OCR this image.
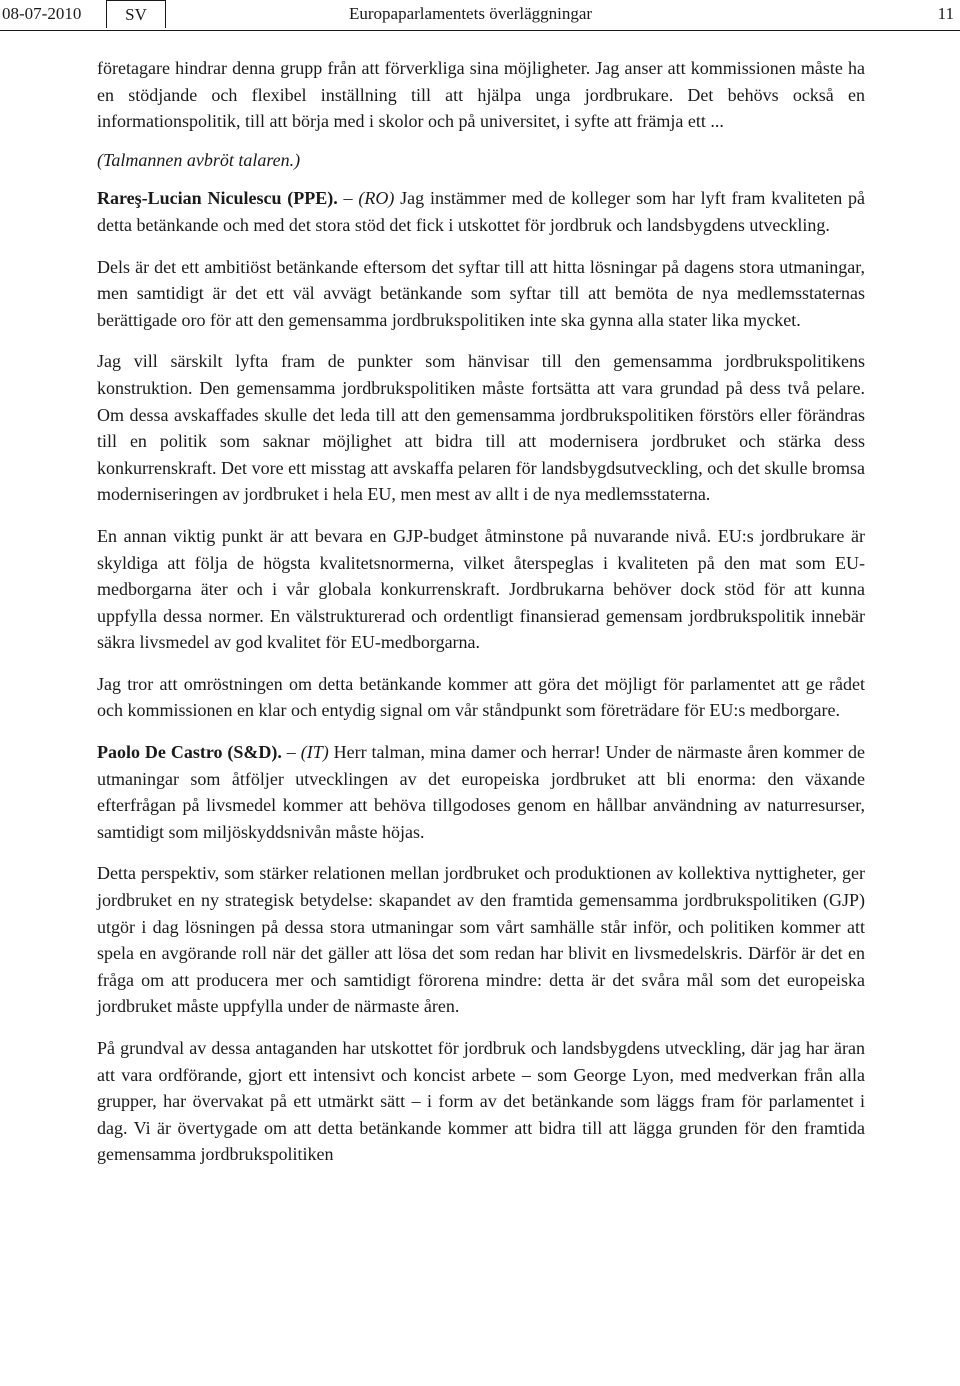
08-07-2010	SV	Europaparlamentets överläggningar	11

företagare hindrar denna grupp från att förverkliga sina möjligheter. Jag anser att kommissionen måste ha en stödjande och flexibel inställning till att hjälpa unga jordbrukare. Det behövs också en informationspolitik, till att börja med i skolor och på universitet, i syfte att främja ett ...

(Talmannen avbröt talaren.)

Rareş-Lucian Niculescu (PPE). – (RO) Jag instämmer med de kolleger som har lyft fram kvaliteten på detta betänkande och med det stora stöd det fick i utskottet för jordbruk och landsbygdens utveckling.

Dels är det ett ambitiöst betänkande eftersom det syftar till att hitta lösningar på dagens stora utmaningar, men samtidigt är det ett väl avvägt betänkande som syftar till att bemöta de nya medlemsstaternas berättigade oro för att den gemensamma jordbrukspolitiken inte ska gynna alla stater lika mycket.

Jag vill särskilt lyfta fram de punkter som hänvisar till den gemensamma jordbrukspolitikens konstruktion. Den gemensamma jordbrukspolitiken måste fortsätta att vara grundad på dess två pelare. Om dessa avskaffades skulle det leda till att den gemensamma jordbrukspolitiken förstörs eller förändras till en politik som saknar möjlighet att bidra till att modernisera jordbruket och stärka dess konkurrenskraft. Det vore ett misstag att avskaffa pelaren för landsbygdsutveckling, och det skulle bromsa moderniseringen av jordbruket i hela EU, men mest av allt i de nya medlemsstaterna.

En annan viktig punkt är att bevara en GJP-budget åtminstone på nuvarande nivå. EU:s jordbrukare är skyldiga att följa de högsta kvalitetsnormerna, vilket återspeglas i kvaliteten på den mat som EU-medborgarna äter och i vår globala konkurrenskraft. Jordbrukarna behöver dock stöd för att kunna uppfylla dessa normer. En välstrukturerad och ordentligt finansierad gemensam jordbrukspolitik innebär säkra livsmedel av god kvalitet för EU-medborgarna.

Jag tror att omröstningen om detta betänkande kommer att göra det möjligt för parlamentet att ge rådet och kommissionen en klar och entydig signal om vår ståndpunkt som företrädare för EU:s medborgare.

Paolo De Castro (S&D). – (IT) Herr talman, mina damer och herrar! Under de närmaste åren kommer de utmaningar som åtföljer utvecklingen av det europeiska jordbruket att bli enorma: den växande efterfrågan på livsmedel kommer att behöva tillgodoses genom en hållbar användning av naturresurser, samtidigt som miljöskyddsnivån måste höjas.

Detta perspektiv, som stärker relationen mellan jordbruket och produktionen av kollektiva nyttigheter, ger jordbruket en ny strategisk betydelse: skapandet av den framtida gemensamma jordbrukspolitiken (GJP) utgör i dag lösningen på dessa stora utmaningar som vårt samhälle står inför, och politiken kommer att spela en avgörande roll när det gäller att lösa det som redan har blivit en livsmedelskris. Därför är det en fråga om att producera mer och samtidigt förorena mindre: detta är det svåra mål som det europeiska jordbruket måste uppfylla under de närmaste åren.

På grundval av dessa antaganden har utskottet för jordbruk och landsbygdens utveckling, där jag har äran att vara ordförande, gjort ett intensivt och koncist arbete – som George Lyon, med medverkan från alla grupper, har övervakat på ett utmärkt sätt – i form av det betänkande som läggs fram för parlamentet i dag. Vi är övertygade om att detta betänkande kommer att bidra till att lägga grunden för den framtida gemensamma jordbrukspolitiken
